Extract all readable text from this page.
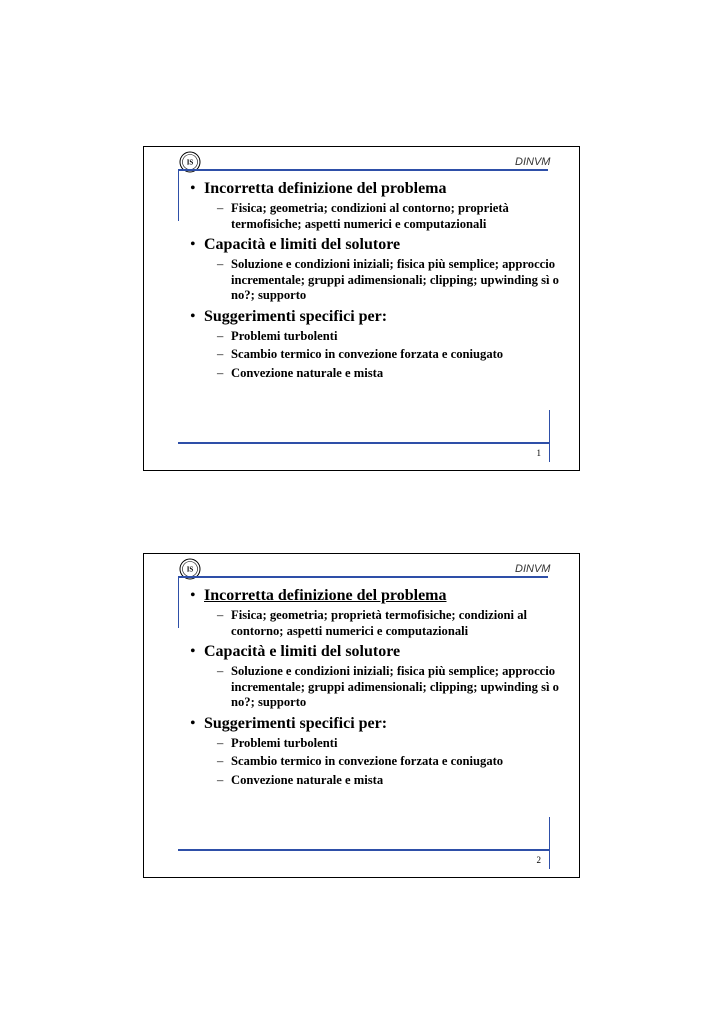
IS	DINVM
• Incorretta definizione del problema
– Fisica; geometria; condizioni al contorno; proprietà termofisiche; aspetti numerici e computazionali
• Capacità e limiti del solutore
– Soluzione e condizioni iniziali; fisica più semplice; approccio incrementale; gruppi adimensionali; clipping; upwinding sì o no?; supporto
• Suggerimenti specifici per:
– Problemi turbolenti
– Scambio termico in convezione forzata e coniugato
– Convezione naturale e mista
1
IS	DINVM
• Incorretta definizione del problema
– Fisica; geometria; proprietà termofisiche; condizioni al contorno; aspetti numerici e computazionali
• Capacità e limiti del solutore
– Soluzione e condizioni iniziali; fisica più semplice; approccio incrementale; gruppi adimensionali; clipping; upwinding sì o no?; supporto
• Suggerimenti specifici per:
– Problemi turbolenti
– Scambio termico in convezione forzata e coniugato
– Convezione naturale e mista
2
